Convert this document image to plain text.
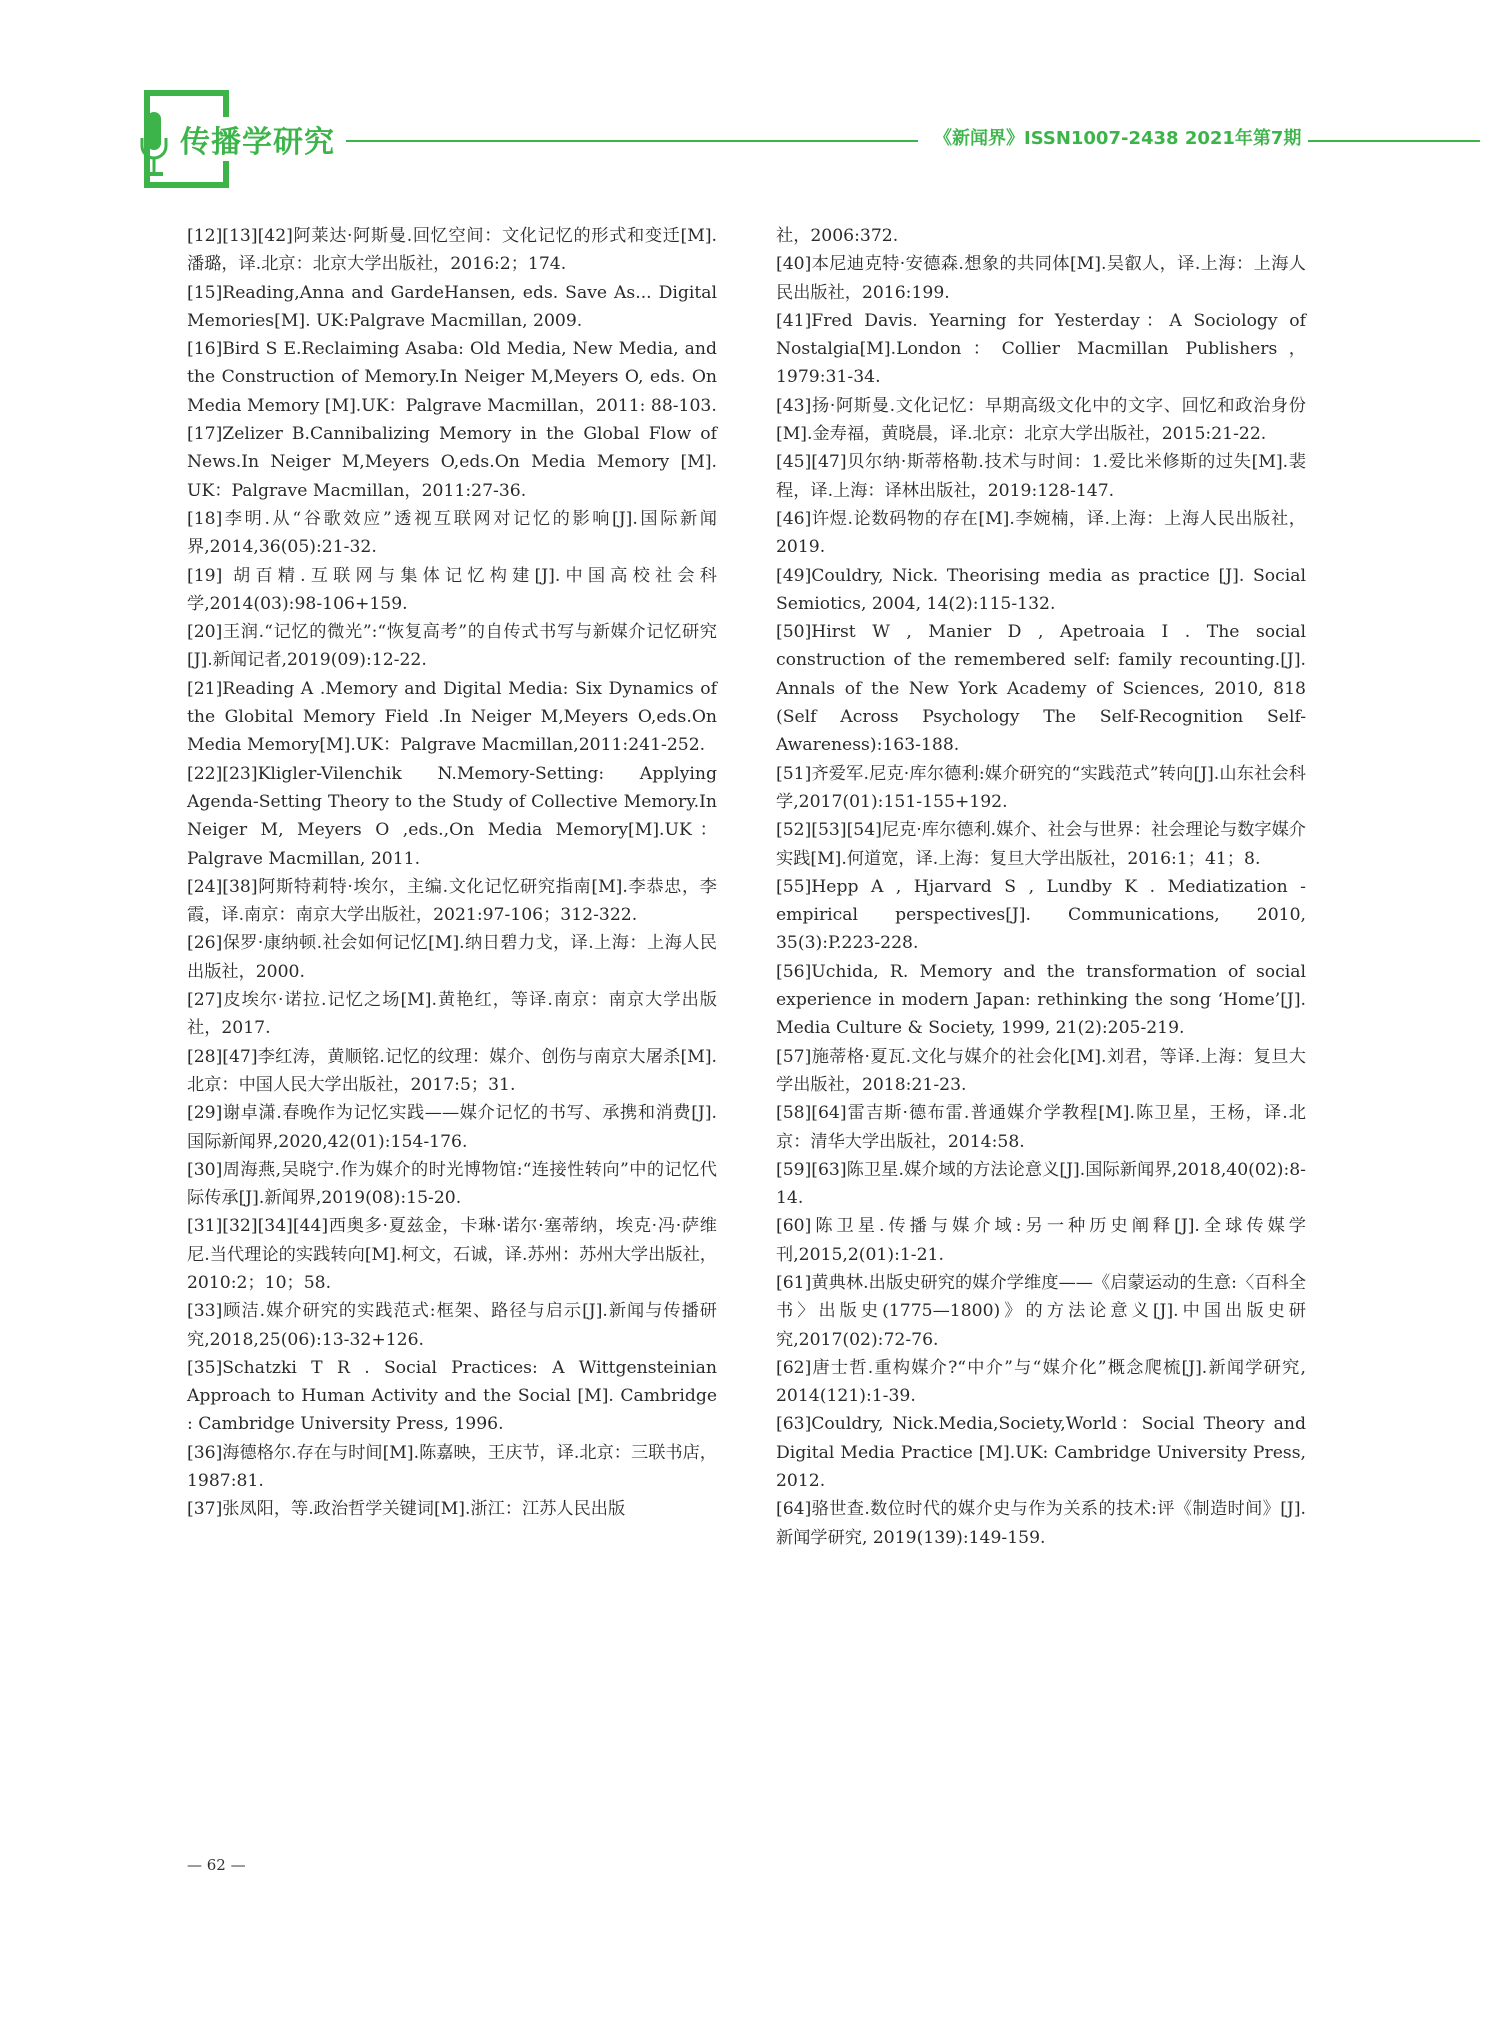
传播学研究	《新闻界》ISSN1007-2438 2021年第7期

[12][13][42]阿莱达·阿斯曼.回忆空间：文化记忆的形式和变迁[M].潘璐，译.北京：北京大学出版社，2016:2；174.

[15]Reading,Anna and GardeHansen, eds. Save As... Digital Memories[M]. UK:Palgrave Macmillan, 2009.

[16]Bird S E.Reclaiming Asaba: Old Media, New Media, and the Construction of Memory.In Neiger M,Meyers O, eds. On Media Memory [M].UK：Palgrave Macmillan，2011: 88-103.

[17]Zelizer B.Cannibalizing Memory in the Global Flow of News.In Neiger M,Meyers O,eds.On Media Memory [M]. UK：Palgrave Macmillan，2011:27-36.

[18]李明.从“谷歌效应”透视互联网对记忆的影响[J].国际新闻界,2014,36(05):21-32.

[19] 胡百精.互联网与集体记忆构建[J].中国高校社会科学,2014(03):98-106+159.

[20]王润.“记忆的微光”:“恢复高考”的自传式书写与新媒介记忆研究[J].新闻记者,2019(09):12-22.

[21]Reading A .Memory and Digital Media: Six Dynamics of the Globital Memory Field .In Neiger M,Meyers O,eds.On Media Memory[M].UK：Palgrave Macmillan,2011:241-252.

[22][23]Kligler-Vilenchik N.Memory-Setting: Applying Agenda-Setting Theory to the Study of Collective Memory.In Neiger M, Meyers O ,eds.,On Media Memory[M].UK：Palgrave Macmillan, 2011.

[24][38]阿斯特莉特·埃尔，主编.文化记忆研究指南[M].李恭忠，李霞，译.南京：南京大学出版社，2021:97-106；312-322.

[26]保罗·康纳顿.社会如何记忆[M].纳日碧力戈，译.上海：上海人民出版社，2000.

[27]皮埃尔·诺拉.记忆之场[M].黄艳红，等译.南京：南京大学出版社，2017.

[28][47]李红涛，黄顺铭.记忆的纹理：媒介、创伤与南京大屠杀[M].北京：中国人民大学出版社，2017:5；31.

[29]谢卓潇.春晚作为记忆实践——媒介记忆的书写、承携和消费[J].国际新闻界,2020,42(01):154-176.

[30]周海燕,吴晓宁.作为媒介的时光博物馆:“连接性转向”中的记忆代际传承[J].新闻界,2019(08):15-20.

[31][32][34][44]西奥多·夏兹金，卡琳·诺尔·塞蒂纳，埃克·冯·萨维尼.当代理论的实践转向[M].柯文，石诚，译.苏州：苏州大学出版社，2010:2；10；58.

[33]顾洁.媒介研究的实践范式:框架、路径与启示[J].新闻与传播研究,2018,25(06):13-32+126.

[35]Schatzki T R . Social Practices: A Wittgensteinian Approach to Human Activity and the Social [M]. Cambridge : Cambridge University Press, 1996.

[36]海德格尔.存在与时间[M].陈嘉映，王庆节，译.北京：三联书店，1987:81.

[37]张凤阳，等.政治哲学关键词[M].浙江：江苏人民出版

社，2006:372.

[40]本尼迪克特·安德森.想象的共同体[M].吴叡人，译.上海：上海人民出版社，2016:199.

[41]Fred Davis. Yearning for Yesterday：A Sociology of Nostalgia[M].London：Collier Macmillan Publishers，1979:31-34.

[43]扬·阿斯曼.文化记忆：早期高级文化中的文字、回忆和政治身份[M].金寿福，黄晓晨，译.北京：北京大学出版社，2015:21-22.

[45][47]贝尔纳·斯蒂格勒.技术与时间：1.爱比米修斯的过失[M].裴程，译.上海：译林出版社，2019:128-147.

[46]许煜.论数码物的存在[M].李婉楠，译.上海：上海人民出版社，2019.

[49]Couldry, Nick. Theorising media as practice [J]. Social Semiotics, 2004, 14(2):115-132.

[50]Hirst W , Manier D , Apetroaia I . The social construction of the remembered self: family recounting.[J]. Annals of the New York Academy of Sciences, 2010, 818 (Self Across Psychology The Self-Recognition Self-Awareness):163-188.

[51]齐爱军.尼克·库尔德利:媒介研究的“实践范式”转向[J].山东社会科学,2017(01):151-155+192.

[52][53][54]尼克·库尔德利.媒介、社会与世界：社会理论与数字媒介实践[M].何道宽，译.上海：复旦大学出版社，2016:1；41；8.

[55]Hepp A , Hjarvard S , Lundby K . Mediatization - empirical perspectives[J]. Communications, 2010, 35(3):P.223-228.

[56]Uchida, R. Memory and the transformation of social experience in modern Japan: rethinking the song ‘Home’[J]. Media Culture & Society, 1999, 21(2):205-219.

[57]施蒂格·夏瓦.文化与媒介的社会化[M].刘君，等译.上海：复旦大学出版社，2018:21-23.

[58][64]雷吉斯·德布雷.普通媒介学教程[M].陈卫星，王杨，译.北京：清华大学出版社，2014:58.

[59][63]陈卫星.媒介域的方法论意义[J].国际新闻界,2018,40(02):8-14.

[60]陈卫星.传播与媒介域:另一种历史阐释[J].全球传媒学刊,2015,2(01):1-21.

[61]黄典林.出版史研究的媒介学维度——《启蒙运动的生意:〈百科全书〉出版史(1775—1800)》的方法论意义[J].中国出版史研究,2017(02):72-76.

[62]唐士哲.重构媒介?“中介”与“媒介化”概念爬梳[J].新闻学研究, 2014(121):1-39.

[63]Couldry, Nick.Media,Society,World：Social Theory and Digital Media Practice [M].UK: Cambridge University Press, 2012.

[64]骆世查.数位时代的媒介史与作为关系的技术:评《制造时间》[J]. 新闻学研究, 2019(139):149-159.

— 62 —
